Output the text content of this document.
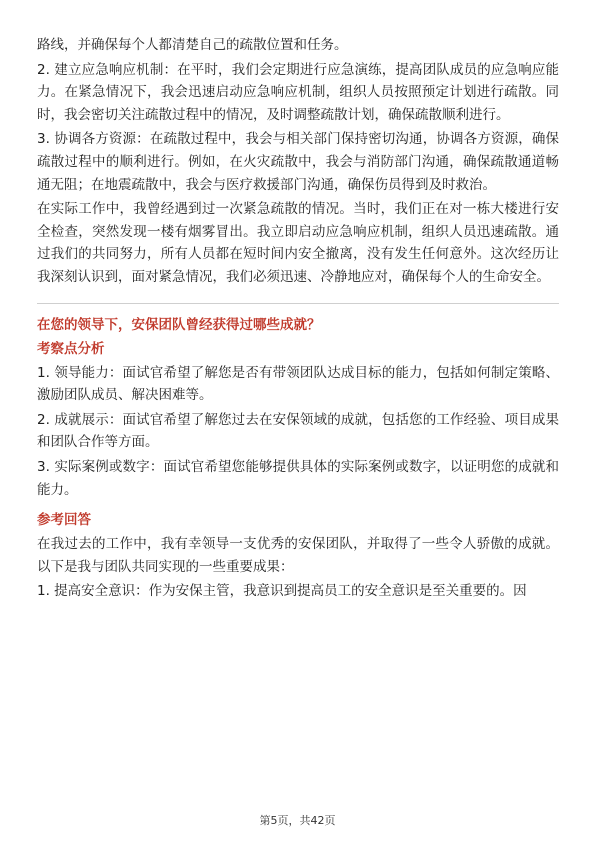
路线，并确保每个人都清楚自己的疏散位置和任务。

2. 建立应急响应机制：在平时，我们会定期进行应急演练，提高团队成员的应急响应能力。在紧急情况下，我会迅速启动应急响应机制，组织人员按照预定计划进行疏散。同时，我会密切关注疏散过程中的情况，及时调整疏散计划，确保疏散顺利进行。

3. 协调各方资源：在疏散过程中，我会与相关部门保持密切沟通，协调各方资源，确保疏散过程中的顺利进行。例如，在火灾疏散中，我会与消防部门沟通，确保疏散通道畅通无阻；在地震疏散中，我会与医疗救援部门沟通，确保伤员得到及时救治。

在实际工作中，我曾经遇到过一次紧急疏散的情况。当时，我们正在对一栋大楼进行安全检查，突然发现一楼有烟雾冒出。我立即启动应急响应机制，组织人员迅速疏散。通过我们的共同努力，所有人员都在短时间内安全撤离，没有发生任何意外。这次经历让我深刻认识到，面对紧急情况，我们必须迅速、冷静地应对，确保每个人的生命安全。

在您的领导下，安保团队曾经获得过哪些成就？

考察点分析

1. 领导能力：面试官希望了解您是否有带领团队达成目标的能力，包括如何制定策略、激励团队成员、解决困难等。

2. 成就展示：面试官希望了解您过去在安保领域的成就，包括您的工作经验、项目成果和团队合作等方面。

3. 实际案例或数字：面试官希望您能够提供具体的实际案例或数字，以证明您的成就和能力。

参考回答

在我过去的工作中，我有幸领导一支优秀的安保团队，并取得了一些令人骄傲的成就。以下是我与团队共同实现的一些重要成果：

1. 提高安全意识：作为安保主管，我意识到提高员工的安全意识是至关重要的。因

第5页，共42页
